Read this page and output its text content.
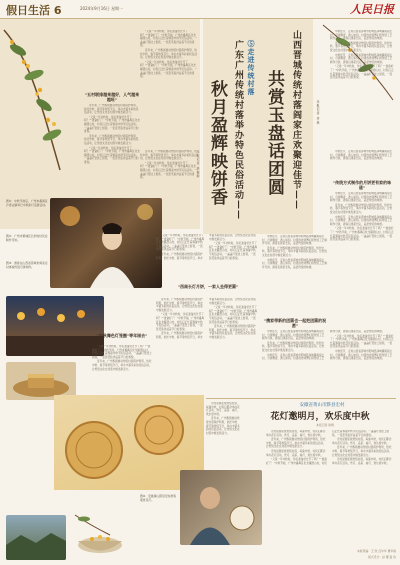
假日生活 6	2024年9月16日 星期一	人民日报

“又是一年中秋时，你们准备好过节了吗？”“准备好了！”中秋节前，广州市番禺区化龙镇潭山村，村民们正忙着筹备中秋节民俗活动。一盏盏灯笼挂上街巷，一张张笑脸洋溢着节日的喜悦。

近年来，广州积极推动传统村落保护利用，依托中秋、春节等传统节日，举办丰富多彩的民俗活动，让传统文化在村落中焕发新活力。

“又是一年中秋时，你们准备好过节了吗？”“准备好了！”中秋节前，广州市番禺区化龙镇潭山村，村民们正忙着筹备中秋节民俗活动。一盏盏灯笼挂上街巷，一张张笑脸洋溢着节日的喜悦。

“五村联排越来越好，人气越来越旺”

近年来，广州积极推动传统村落保护利用，依托中秋、春节等传统节日，举办丰富多彩的民俗活动，让传统文化在村落中焕发新活力。

“又是一年中秋时，你们准备好过节了吗？”“准备好了！”中秋节前，广州市番禺区化龙镇潭山村，村民们正忙着筹备中秋节民俗活动。一盏盏灯笼挂上街巷，一张张笑脸洋溢着节日的喜悦。

近年来，广州积极推动传统村落保护利用，依托中秋、春节等传统节日，举办丰富多彩的民俗活动，让传统文化在村落中焕发新活力。

“又是一年中秋时，你们准备好过节了吗？”“准备好了！”中秋节前，广州市番禺区化龙镇潭山村，村民们正忙着筹备中秋节民俗活动。一盏盏灯笼挂上街巷，一张张笑脸洋溢着节日的喜悦。

近年来，广州积极推动传统村落保护利用，依托中秋、春节等传统节日，举办丰富多彩的民俗活动，让传统文化在村落中焕发新活力。

“又是一年中秋时，你们准备好过节了吗？”“准备好了！”中秋节前，广州市番禺区化龙镇潭山村，村民们正忙着筹备中秋节民俗活动。一盏盏灯笼挂上街巷，一张张笑脸洋溢着节日的喜悦。

⑤走进传统村落
广东广州传统村落举办特色民俗活动——
秋月盈辉映饼香
本报记者 洪秋婷	山西晋城传统村落阎家庄欢聚迎佳节——
共赏玉盘话团圆	本报记者 乔林

中秋佳节，走进山西省晋城市阳城县润城镇阎家庄村，月饼飘香，游人如织。村里的老师傅们用传统工艺制作月饼，游客们排起长队，品尝传统的味道。

近年来，广州积极推动传统村落保护利用，依托中秋、春节等传统节日，举办丰富多彩的民俗活动，让传统文化在村落中焕发新活力。

中秋佳节，走进山西省晋城市阳城县润城镇阎家庄村，月饼飘香，游人如织。村里的老师傅们用传统工艺制作月饼，游客们排起长队，品尝传统的味道。

“又是一年中秋时，你们准备好过节了吗？”“准备好了！”中秋节前，广州市番禺区化龙镇潭山村，村民们正忙着筹备中秋节民俗活动。一盏盏灯笼挂上街巷，一张张笑脸洋溢着节日的喜悦。

中秋佳节，走进山西省晋城市阳城县润城镇阎家庄村，月饼飘香，游人如织。村里的老师傅们用传统工艺制作月饼，游客们排起长队，品尝传统的味道。

“传统方式制作的月饼更有家的味道”

中秋佳节，走进山西省晋城市阳城县润城镇阎家庄村，月饼飘香，游人如织。村里的老师傅们用传统工艺制作月饼，游客们排起长队，品尝传统的味道。

近年来，广州积极推动传统村落保护利用，依托中秋、春节等传统节日，举办丰富多彩的民俗活动，让传统文化在村落中焕发新活力。

中秋佳节，走进山西省晋城市阳城县润城镇阎家庄村，月饼飘香，游人如织。村里的老师傅们用传统工艺制作月饼，游客们排起长队，品尝传统的味道。

“又是一年中秋时，你们准备好过节了吗？”“准备好了！”中秋节前，广州市番禺区化龙镇潭山村，村民们正忙着筹备中秋节民俗活动。一盏盏灯笼挂上街巷，一张张笑脸洋溢着节日的喜悦。

中秋佳节，走进山西省晋城市阳城县润城镇阎家庄村，月饼飘香，游人如织。村里的老师傅们用传统工艺制作月饼，游客们排起长队，品尝传统的味道。

近年来，广州积极推动传统村落保护利用，依托中秋、春节等传统节日，举办丰富多彩的民俗活动，让传统文化在村落中焕发新活力。

中秋佳节，走进山西省晋城市阳城县润城镇阎家庄村，月饼飘香，游人如织。村里的老师傅们用传统工艺制作月饼，游客们排起长队，品尝传统的味道。

“携家带新的团圆也一起把团圆的祝愿”

中秋佳节，走进山西省晋城市阳城县润城镇阎家庄村，月饼飘香，游人如织。村里的老师傅们用传统工艺制作月饼，游客们排起长队，品尝传统的味道。

近年来，广州积极推动传统村落保护利用，依托中秋、春节等传统节日，举办丰富多彩的民俗活动，让传统文化在村落中焕发新活力。

中秋佳节，走进山西省晋城市阳城县润城镇阎家庄村，月饼飘香，游人如织。村里的老师傅们用传统工艺制作月饼，游客们排起长队，品尝传统的味道。

“又是一年中秋时，你们准备好过节了吗？”“准备好了！”中秋节前，广州市番禺区化龙镇潭山村，村民们正忙着筹备中秋节民俗活动。一盏盏灯笼挂上街巷，一张张笑脸洋溢着节日的喜悦。

中秋佳节，走进山西省晋城市阳城县润城镇阎家庄村，月饼飘香，游人如织。村里的老师傅们用传统工艺制作月饼，游客们排起长队，品尝传统的味道。

图①：中秋节前后，广州市番禺区沙湾古镇举行中秋彩灯巡游活动。
图②：广州市黄埔区长洲村村民在制作月饼。
图③：游客在山西省晋城市阎家庄村体验传统月饼制作。
图④：安徽黄山黟县宏村游客观赏花灯。
“中秋舞色灯笼圈”等年刚去”

“又是一年中秋时，你们准备好过节了吗？”“准备好了！”中秋节前，广州市番禺区化龙镇潭山村，村民们正忙着筹备中秋节民俗活动。一盏盏灯笼挂上街巷，一张张笑脸洋溢着节日的喜悦。

近年来，广州积极推动传统村落保护利用，依托中秋、春节等传统节日，举办丰富多彩的民俗活动，让传统文化在村落中焕发新活力。

“又是一年中秋时，你们准备好过节了吗？”“准备好了！”中秋节前，广州市番禺区化龙镇潭山村，村民们正忙着筹备中秋节民俗活动。一盏盏灯笼挂上街巷，一张张笑脸洋溢着节日的喜悦。

近年来，广州积极推动传统村落保护利用，依托中秋、春节等传统节日，举办丰富多彩的民俗活动，让传统文化在村落中焕发新活力。

“又是一年中秋时，你们准备好过节了吗？”“准备好了！”中秋节前，广州市番禺区化龙镇潭山村，村民们正忙着筹备中秋节民俗活动。一盏盏灯笼挂上街巷，一张张笑脸洋溢着节日的喜悦。

“西南长灯月饼，一家人坐得更圆”

近年来，广州积极推动传统村落保护利用，依托中秋、春节等传统节日，举办丰富多彩的民俗活动，让传统文化在村落中焕发新活力。

“又是一年中秋时，你们准备好过节了吗？”“准备好了！”中秋节前，广州市番禺区化龙镇潭山村，村民们正忙着筹备中秋节民俗活动。一盏盏灯笼挂上街巷，一张张笑脸洋溢着节日的喜悦。

近年来，广州积极推动传统村落保护利用，依托中秋、春节等传统节日，举办丰富多彩的民俗活动，让传统文化在村落中焕发新活力。

“又是一年中秋时，你们准备好过节了吗？”“准备好了！”中秋节前，广州市番禺区化龙镇潭山村，村民们正忙着筹备中秋节民俗活动。一盏盏灯笼挂上街巷，一张张笑脸洋溢着节日的喜悦。

近年来，广州积极推动传统村落保护利用，依托中秋、春节等传统节日，举办丰富多彩的民俗活动，让传统文化在村落中焕发新活力。

安徽省黄山市黟县宏村
花灯邀明月，欢乐度中秋
本报记者 徐靖

宏村是国家级传统村落，每逢中秋，村民们都会举办花灯活动，赏月、品茶、看灯，欢乐度中秋。

近年来，广州积极推动传统村落保护利用，依托中秋、春节等传统节日，举办丰富多彩的民俗活动，让传统文化在村落中焕发新活力。

宏村是国家级传统村落，每逢中秋，村民们都会举办花灯活动，赏月、品茶、看灯，欢乐度中秋。

“又是一年中秋时，你们准备好过节了吗？”“准备好了！”中秋节前，广州市番禺区化龙镇潭山村，村民们正忙着筹备中秋节民俗活动。一盏盏灯笼挂上街巷，一张张笑脸洋溢着节日的喜悦。

宏村是国家级传统村落，每逢中秋，村民们都会举办花灯活动，赏月、品茶、看灯，欢乐度中秋。

近年来，广州积极推动传统村落保护利用，依托中秋、春节等传统节日，举办丰富多彩的民俗活动，让传统文化在村落中焕发新活力。

宏村是国家级传统村落，每逢中秋，村民们都会举办花灯活动，赏月、品茶、看灯，欢乐度中秋。

宏村是国家级传统村落，每逢中秋，村民们都会举办花灯活动，赏月、品茶、看灯，欢乐度中秋。

近年来，广州积极推动传统村落保护利用，依托中秋、春节等传统节日，举办丰富多彩的民俗活动，让传统文化在村落中焕发新活力。

本版责编：王 欣 吕中华 曹华娟
版式设计：赵 娜 童 伟
